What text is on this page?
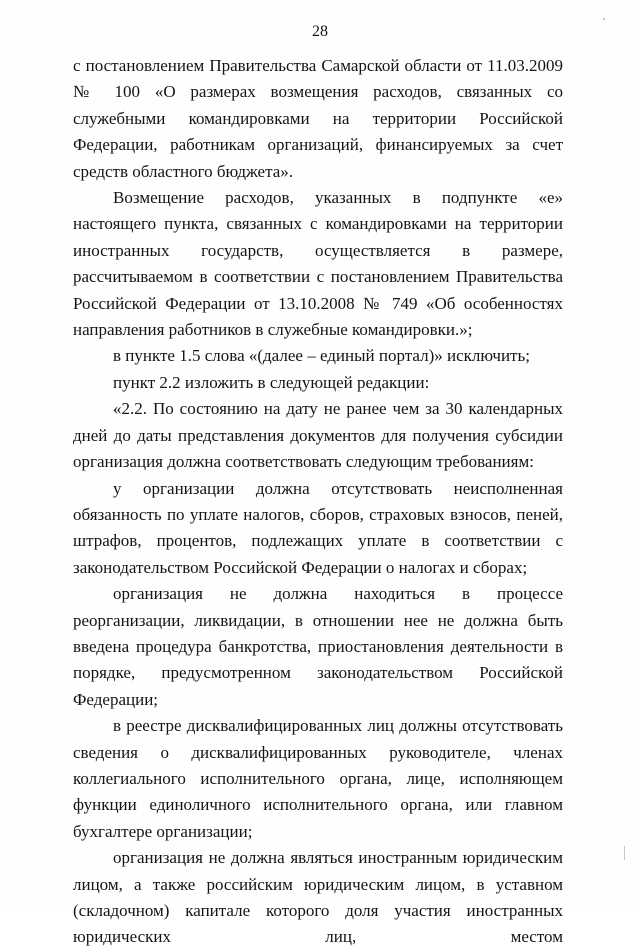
28

с постановлением Правительства Самарской области от 11.03.2009 № 100 «О размерах возмещения расходов, связанных со служебными командировками на территории Российской Федерации, работникам организаций, финансируемых за счет средств областного бюджета».

Возмещение расходов, указанных в подпункте «е» настоящего пункта, связанных с командировками на территории иностранных государств, осуществляется в размере, рассчитываемом в соответствии с постановлением Правительства Российской Федерации от 13.10.2008 № 749 «Об особенностях направления работников в служебные командировки.»;

в пункте 1.5 слова «(далее – единый портал)» исключить;

пункт 2.2 изложить в следующей редакции:

«2.2. По состоянию на дату не ранее чем за 30 календарных дней до даты представления документов для получения субсидии организация должна соответствовать следующим требованиям:

у организации должна отсутствовать неисполненная обязанность по уплате налогов, сборов, страховых взносов, пеней, штрафов, процентов, подлежащих уплате в соответствии с законодательством Российской Федерации о налогах и сборах;

организация не должна находиться в процессе реорганизации, ликвидации, в отношении нее не должна быть введена процедура банкротства, приостановления деятельности в порядке, предусмотренном законодательством Российской Федерации;

в реестре дисквалифицированных лиц должны отсутствовать сведения о дисквалифицированных руководителе, членах коллегиального исполнительного органа, лице, исполняющем функции единоличного исполнительного органа, или главном бухгалтере организации;

организация не должна являться иностранным юридическим лицом, а также российским юридическим лицом, в уставном (складочном) капитале которого доля участия иностранных юридических лиц, местом
